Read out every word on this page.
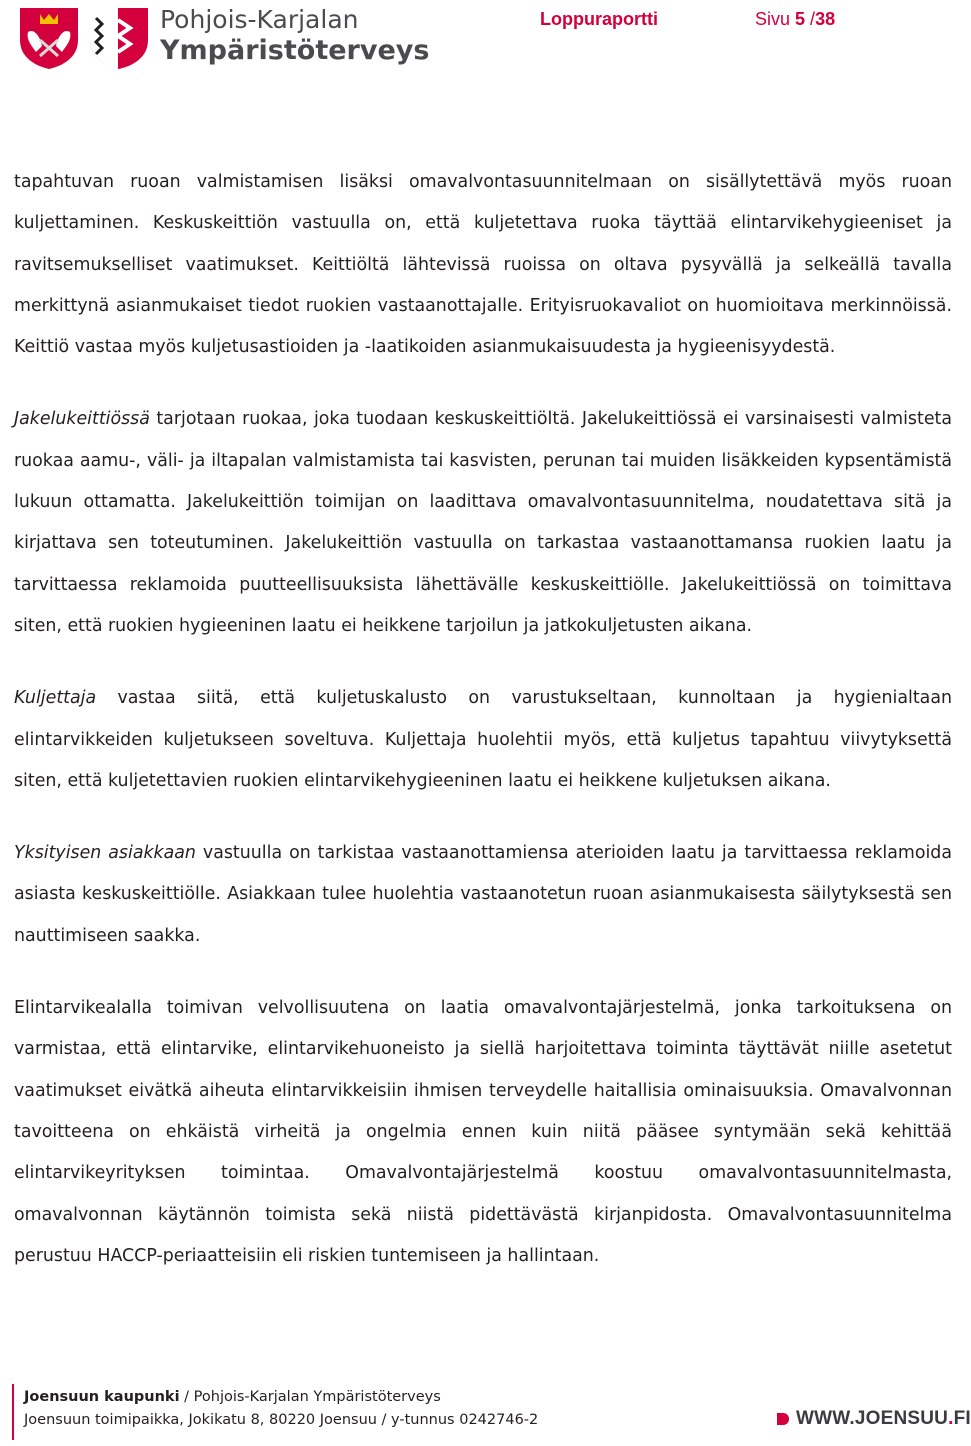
Pohjois-Karjalan
Ympäristöterveys
Loppuraportti	Sivu 5 /38

tapahtuvan ruoan valmistamisen lisäksi omavalvontasuunnitelmaan on sisällytettävä myös ruoan kuljettaminen. Keskuskeittiön vastuulla on, että kuljetettava ruoka täyttää elintarvikehygieeniset ja ravitsemukselliset vaatimukset. Keittiöltä lähtevissä ruoissa on oltava pysyvällä ja selkeällä tavalla merkittynä asianmukaiset tiedot ruokien vastaanottajalle. Erityisruokavaliot on huomioitava merkinnöissä. Keittiö vastaa myös kuljetusastioiden ja -laatikoiden asianmukaisuudesta ja hygieenisyydestä.

Jakelukeittiössä tarjotaan ruokaa, joka tuodaan keskuskeittiöltä. Jakelukeittiössä ei varsinaisesti valmisteta ruokaa aamu-, väli- ja iltapalan valmistamista tai kasvisten, perunan tai muiden lisäkkeiden kypsentämistä lukuun ottamatta. Jakelukeittiön toimijan on laadittava omavalvontasuunnitelma, noudatettava sitä ja kirjattava sen toteutuminen. Jakelukeittiön vastuulla on tarkastaa vastaanottamansa ruokien laatu ja tarvittaessa reklamoida puutteellisuuksista lähettävälle keskuskeittiölle. Jakelukeittiössä on toimittava siten, että ruokien hygieeninen laatu ei heikkene tarjoilun ja jatkokuljetusten aikana.

Kuljettaja vastaa siitä, että kuljetuskalusto on varustukseltaan, kunnoltaan ja hygienialtaan elintarvikkeiden kuljetukseen soveltuva. Kuljettaja huolehtii myös, että kuljetus tapahtuu viivytyksettä siten, että kuljetettavien ruokien elintarvikehygieeninen laatu ei heikkene kuljetuksen aikana.

Yksityisen asiakkaan vastuulla on tarkistaa vastaanottamiensa aterioiden laatu ja tarvittaessa reklamoida asiasta keskuskeittiölle. Asiakkaan tulee huolehtia vastaanotetun ruoan asianmukaisesta säilytyksestä sen nauttimiseen saakka.

Elintarvikealalla toimivan velvollisuutena on laatia omavalvontajärjestelmä, jonka tarkoituksena on varmistaa, että elintarvike, elintarvikehuoneisto ja siellä harjoitettava toiminta täyttävät niille asetetut vaatimukset eivätkä aiheuta elintarvikkeisiin ihmisen terveydelle haitallisia ominaisuuksia. Omavalvonnan tavoitteena on ehkäistä virheitä ja ongelmia ennen kuin niitä pääsee syntymään sekä kehittää elintarvikeyrityksen toimintaa. Omavalvontajärjestelmä koostuu omavalvontasuunnitelmasta, omavalvonnan käytännön toimista sekä niistä pidettävästä kirjanpidosta. Omavalvontasuunnitelma perustuu HACCP-periaatteisiin eli riskien tuntemiseen ja hallintaan.

Joensuun kaupunki / Pohjois-Karjalan Ympäristöterveys
Joensuun toimipaikka, Jokikatu 8, 80220 Joensuu / y-tunnus 0242746-2	WWW.JOENSUU.FI
